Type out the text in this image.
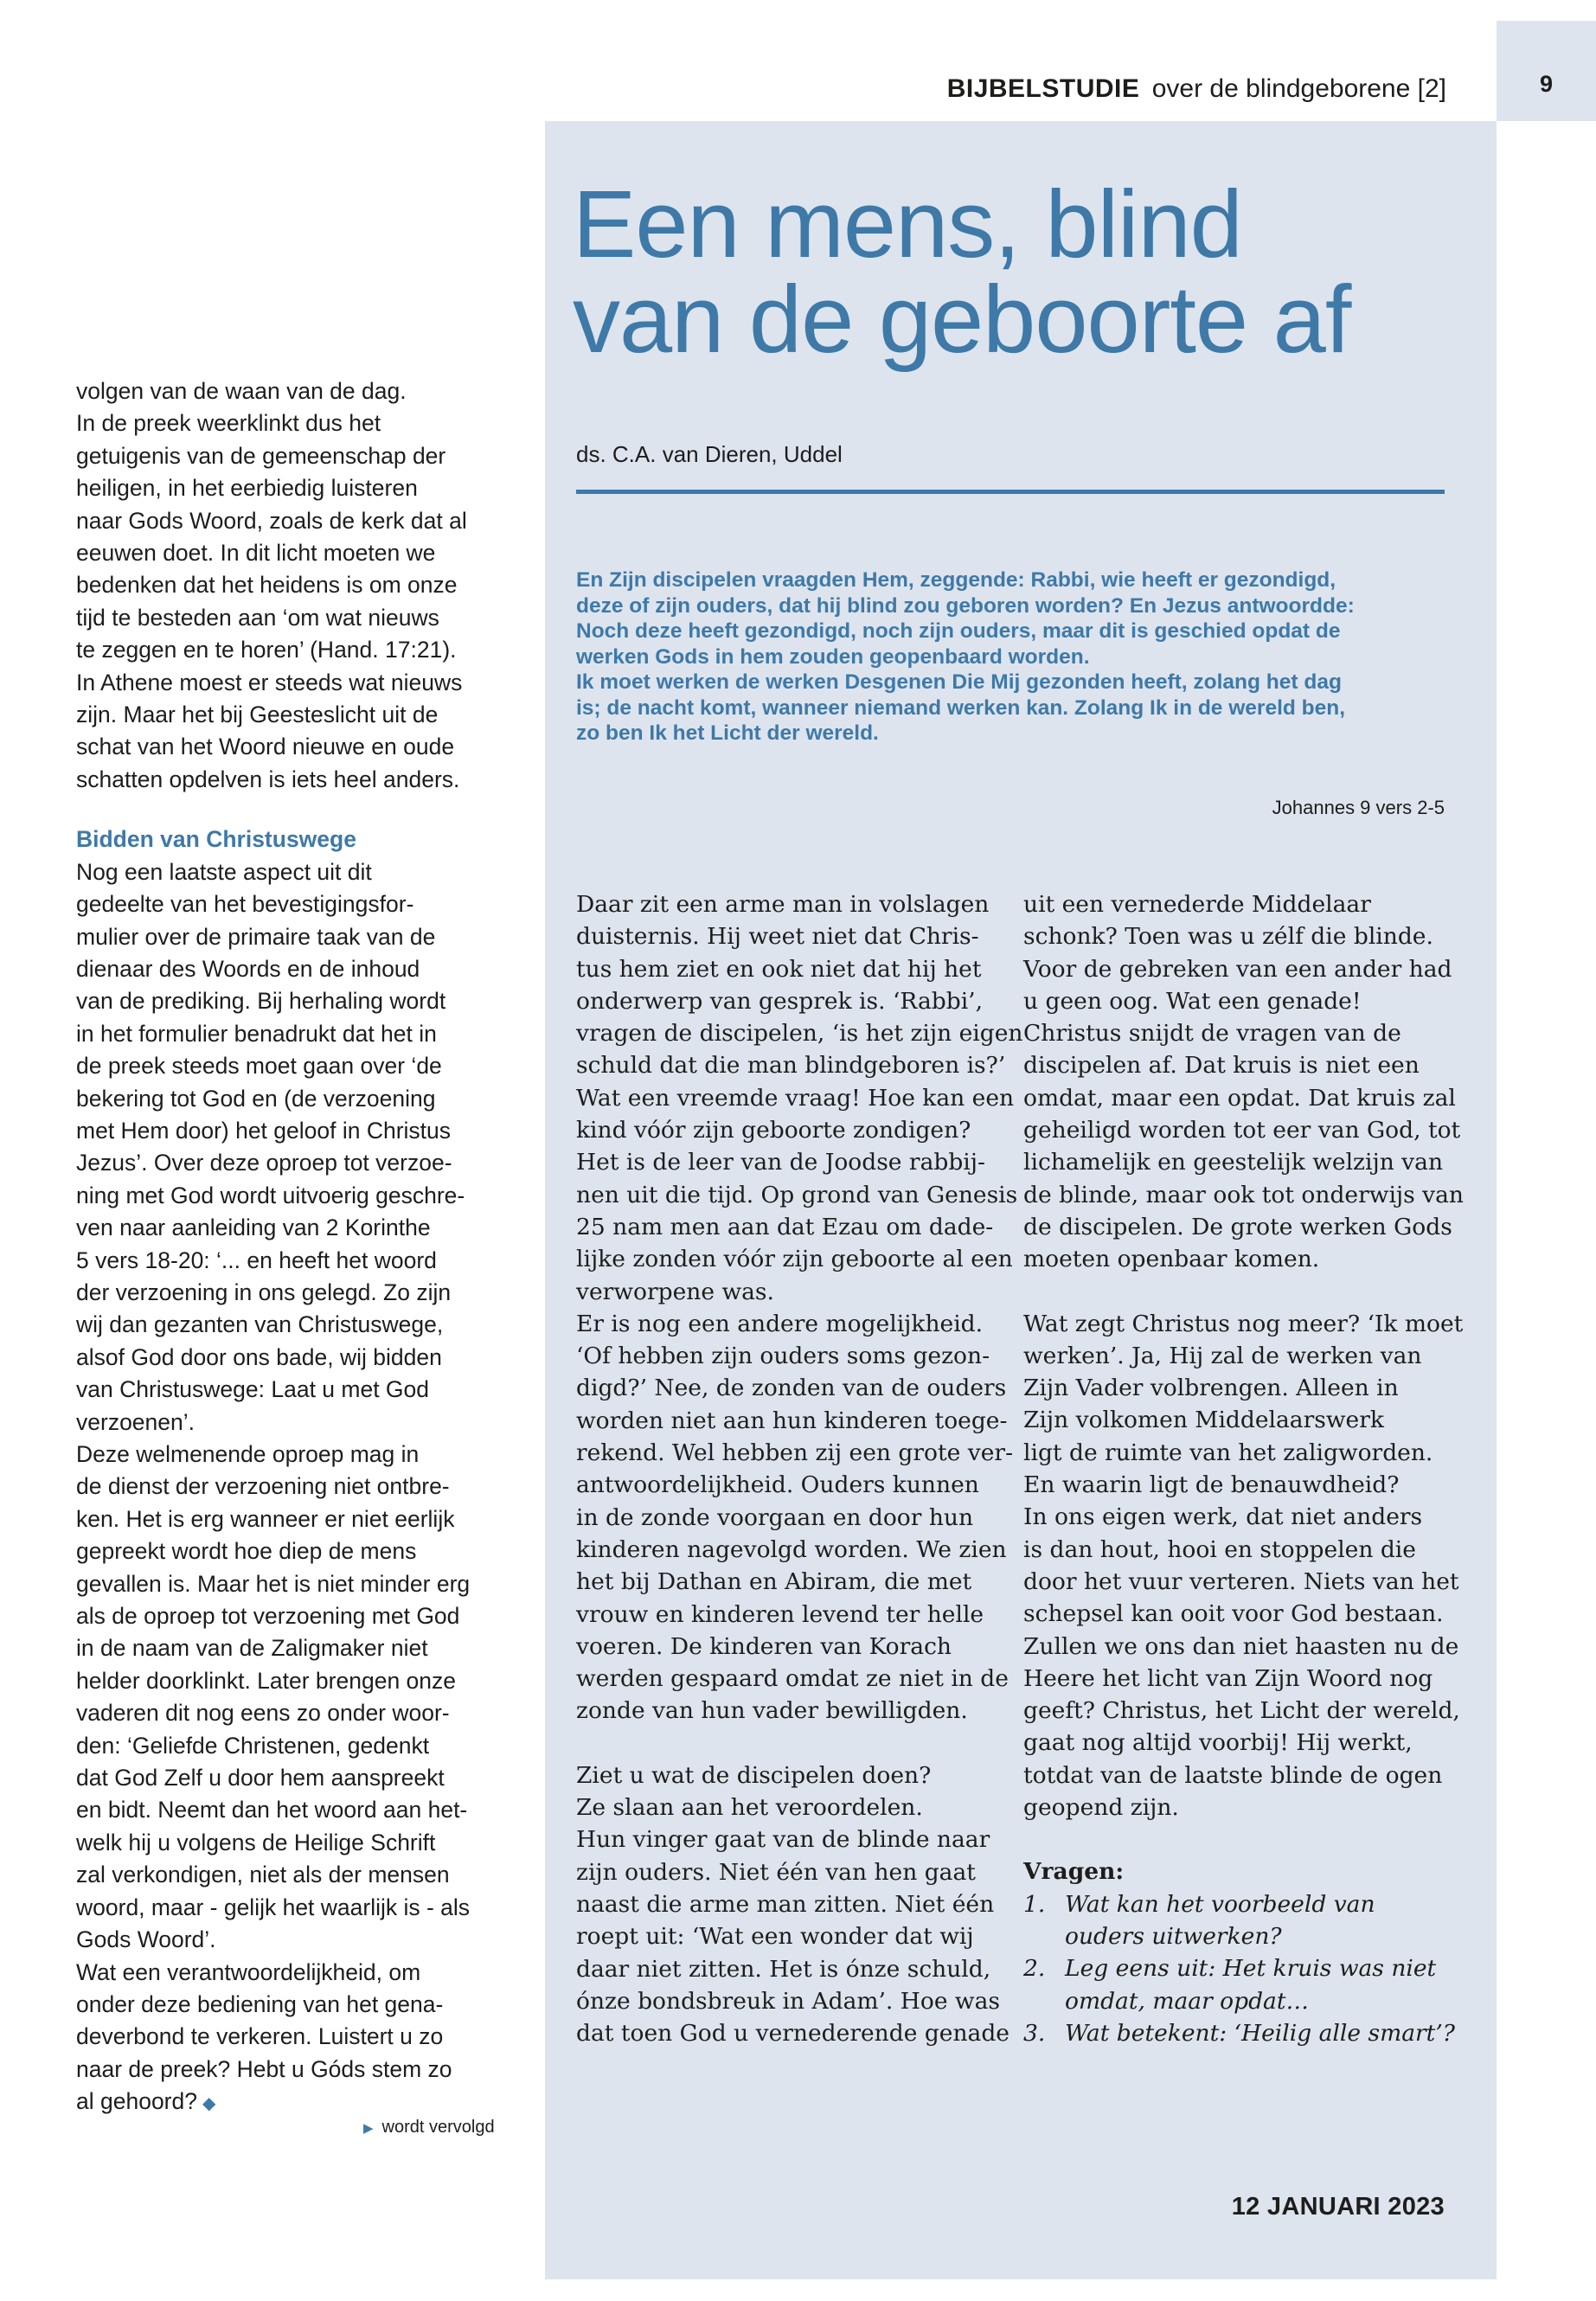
9
BIJBELSTUDIE over de blindgeborene [2]
Een mens, blind
van de geboorte af
ds. C.A. van Dieren, Uddel

En Zijn discipelen vraagden Hem, zeggende: Rabbi, wie heeft er gezondigd,
deze of zijn ouders, dat hij blind zou geboren worden? En Jezus antwoordde:
Noch deze heeft gezondigd, noch zijn ouders, maar dit is geschied opdat de
werken Gods in hem zouden geopenbaard worden.
Ik moet werken de werken Desgenen Die Mij gezonden heeft, zolang het dag
is; de nacht komt, wanneer niemand werken kan. Zolang Ik in de wereld ben,
zo ben Ik het Licht der wereld.

Johannes 9 vers 2-5
volgen van de waan van de dag.
In de preek weerklinkt dus het
getuigenis van de gemeenschap der
heiligen, in het eerbiedig luisteren
naar Gods Woord, zoals de kerk dat al
eeuwen doet. In dit licht moeten we
bedenken dat het heidens is om onze
tijd te besteden aan ‘om wat nieuws
te zeggen en te horen’ (Hand. 17:21).
In Athene moest er steeds wat nieuws
zijn. Maar het bij Geesteslicht uit de
schat van het Woord nieuwe en oude
schatten opdelven is iets heel anders.
Bidden van Christuswege
Nog een laatste aspect uit dit
gedeelte van het bevestigingsfor-
mulier over de primaire taak van de
dienaar des Woords en de inhoud
van de prediking. Bij herhaling wordt
in het formulier benadrukt dat het in
de preek steeds moet gaan over ‘de
bekering tot God en (de verzoening
met Hem door) het geloof in Christus
Jezus’. Over deze oproep tot verzoe-
ning met God wordt uitvoerig geschre-
ven naar aanleiding van 2 Korinthe
5 vers 18-20: ‘... en heeft het woord
der verzoening in ons gelegd. Zo zijn
wij dan gezanten van Christuswege,
alsof God door ons bade, wij bidden
van Christuswege: Laat u met God
verzoenen’.
Deze welmenende oproep mag in
de dienst der verzoening niet ontbre-
ken. Het is erg wanneer er niet eerlijk
gepreekt wordt hoe diep de mens
gevallen is. Maar het is niet minder erg
als de oproep tot verzoening met God
in de naam van de Zaligmaker niet
helder doorklinkt. Later brengen onze
vaderen dit nog eens zo onder woor-
den: ‘Geliefde Christenen, gedenkt
dat God Zelf u door hem aanspreekt
en bidt. Neemt dan het woord aan het-
welk hij u volgens de Heilige Schrift
zal verkondigen, niet als der mensen
woord, maar - gelijk het waarlijk is - als
Gods Woord’.
Wat een verantwoordelijkheid, om
onder deze bediening van het gena-
deverbond te verkeren. Luistert u zo
naar de preek? Hebt u Góds stem zo
al gehoord? ◆
▶ wordt vervolgd
Daar zit een arme man in volslagen
duisternis. Hij weet niet dat Chris-
tus hem ziet en ook niet dat hij het
onderwerp van gesprek is. ‘Rabbi’,
vragen de discipelen, ‘is het zijn eigen
schuld dat die man blindgeboren is?’
Wat een vreemde vraag! Hoe kan een
kind vóór zijn geboorte zondigen?
Het is de leer van de Joodse rabbij-
nen uit die tijd. Op grond van Genesis
25 nam men aan dat Ezau om dade-
lijke zonden vóór zijn geboorte al een
verworpene was.
Er is nog een andere mogelijkheid.
‘Of hebben zijn ouders soms gezon-
digd?’ Nee, de zonden van de ouders
worden niet aan hun kinderen toege-
rekend. Wel hebben zij een grote ver-
antwoordelijkheid. Ouders kunnen
in de zonde voorgaan en door hun
kinderen nagevolgd worden. We zien
het bij Dathan en Abiram, die met
vrouw en kinderen levend ter helle
voeren. De kinderen van Korach
werden gespaard omdat ze niet in de
zonde van hun vader bewilligden.
Ziet u wat de discipelen doen?
Ze slaan aan het veroordelen.
Hun vinger gaat van de blinde naar
zijn ouders. Niet één van hen gaat
naast die arme man zitten. Niet één
roept uit: ‘Wat een wonder dat wij
daar niet zitten. Het is ónze schuld,
ónze bondsbreuk in Adam’. Hoe was
dat toen God u vernederende genade
uit een vernederde Middelaar
schonk? Toen was u zélf die blinde.
Voor de gebreken van een ander had
u geen oog. Wat een genade!
Christus snijdt de vragen van de
discipelen af. Dat kruis is niet een
omdat, maar een opdat. Dat kruis zal
geheiligd worden tot eer van God, tot
lichamelijk en geestelijk welzijn van
de blinde, maar ook tot onderwijs van
de discipelen. De grote werken Gods
moeten openbaar komen.
Wat zegt Christus nog meer? ‘Ik moet
werken’. Ja, Hij zal de werken van
Zijn Vader volbrengen. Alleen in
Zijn volkomen Middelaarswerk
ligt de ruimte van het zaligworden.
En waarin ligt de benauwdheid?
In ons eigen werk, dat niet anders
is dan hout, hooi en stoppelen die
door het vuur verteren. Niets van het
schepsel kan ooit voor God bestaan.
Zullen we ons dan niet haasten nu de
Heere het licht van Zijn Woord nog
geeft? Christus, het Licht der wereld,
gaat nog altijd voorbij! Hij werkt,
totdat van de laatste blinde de ogen
geopend zijn.
Vragen:
1. Wat kan het voorbeeld van
ouders uitwerken?
2. Leg eens uit: Het kruis was niet
omdat, maar opdat…
3. Wat betekent: ‘Heilig alle smart’?
12 JANUARI 2023
